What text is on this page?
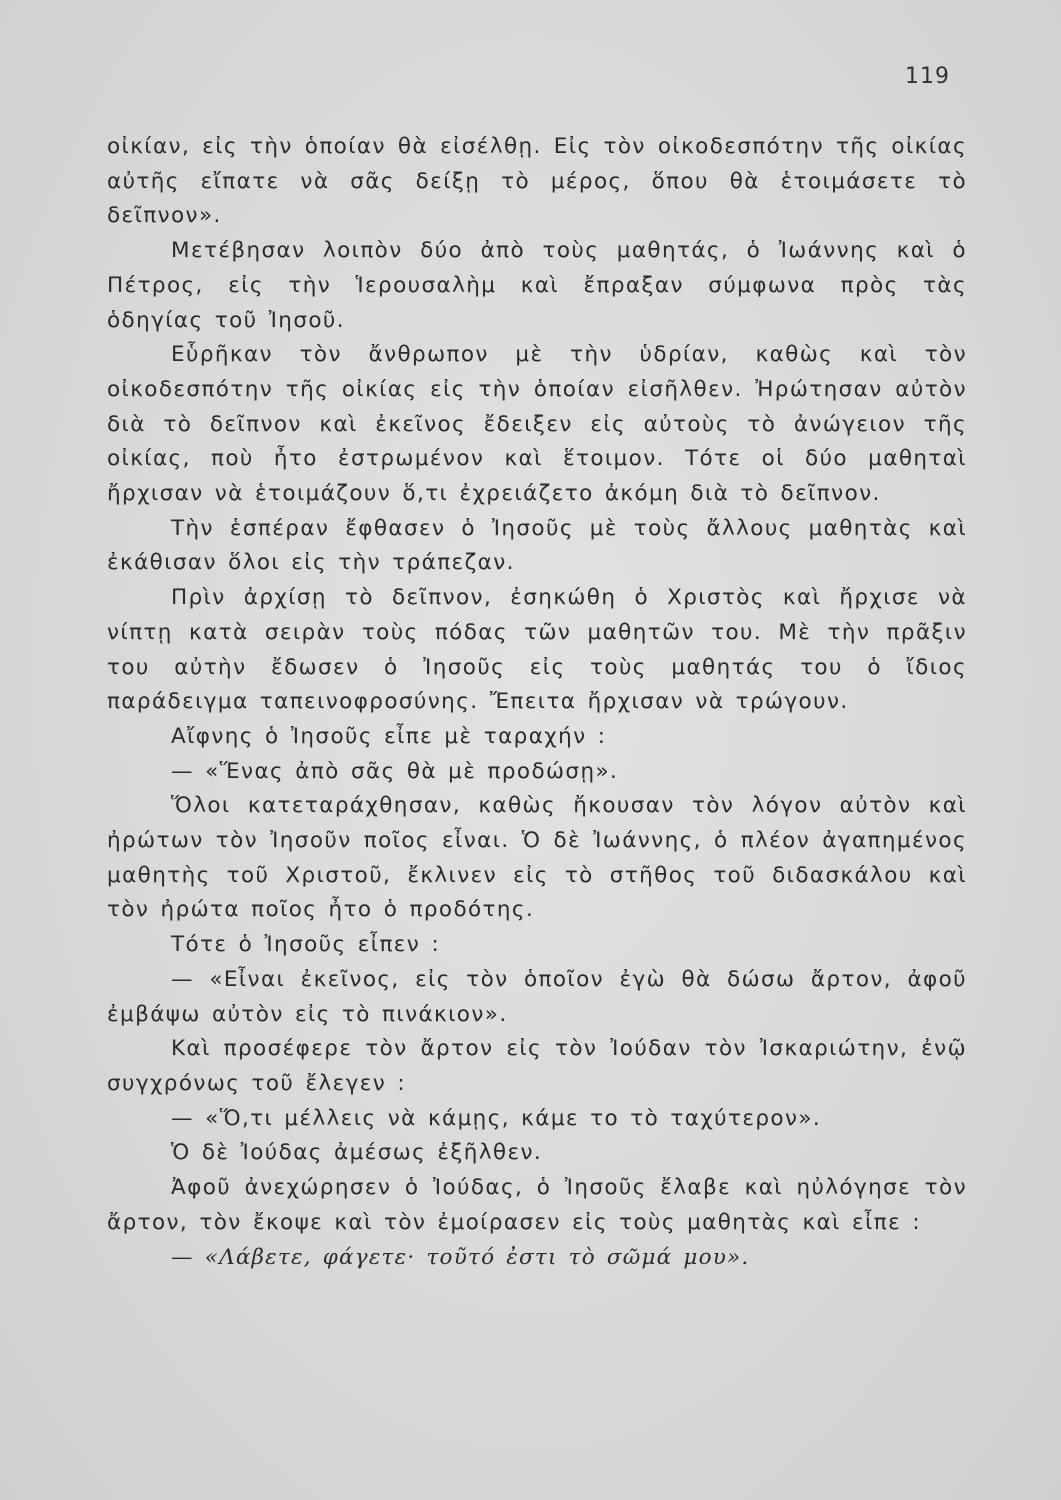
119

οἰκίαν, εἰς τὴν ὁποίαν θὰ εἰσέλθῃ. Εἰς τὸν οἰκοδεσπότην τῆς οἰκίας αὐτῆς εἴπατε νὰ σᾶς δείξῃ τὸ μέρος, ὅπου θὰ ἑτοιμάσετε τὸ δεῖπνον».

Μετέβησαν λοιπὸν δύο ἀπὸ τοὺς μαθητάς, ὁ Ἰωάννης καὶ ὁ Πέτρος, εἰς τὴν Ἱερουσαλὴμ καὶ ἔπραξαν σύμφωνα πρὸς τὰς ὁδηγίας τοῦ Ἰησοῦ.

Εὗρῆκαν τὸν ἄνθρωπον μὲ τὴν ὑδρίαν, καθὼς καὶ τὸν οἰκοδεσπότην τῆς οἰκίας εἰς τὴν ὁποίαν εἰσῆλθεν. Ἠρώτησαν αὐτὸν διὰ τὸ δεῖπνον καὶ ἐκεῖνος ἔδειξεν εἰς αὐτοὺς τὸ ἀνώγειον τῆς οἰκίας, ποὺ ἦτο ἐστρωμένον καὶ ἕτοιμον. Τότε οἱ δύο μαθηταὶ ἤρχισαν νὰ ἑτοιμάζουν ὅ,τι ἐχρειάζετο ἀκόμη διὰ τὸ δεῖπνον.

Τὴν ἑσπέραν ἔφθασεν ὁ Ἰησοῦς μὲ τοὺς ἄλλους μαθητὰς καὶ ἐκάθισαν ὅλοι εἰς τὴν τράπεζαν.

Πρὶν ἀρχίσῃ τὸ δεῖπνον, ἐσηκώθη ὁ Χριστὸς καὶ ἤρχισε νὰ νίπτῃ κατὰ σειρὰν τοὺς πόδας τῶν μαθητῶν του. Μὲ τὴν πρᾶξιν του αὐτὴν ἔδωσεν ὁ Ἰησοῦς εἰς τοὺς μαθητάς του ὁ ἴδιος παράδειγμα ταπεινοφροσύνης. Ἔπειτα ἤρχισαν νὰ τρώγουν.

Αἴφνης ὁ Ἰησοῦς εἶπε μὲ ταραχήν :

— «Ἕνας ἀπὸ σᾶς θὰ μὲ προδώσῃ».

Ὅλοι κατεταράχθησαν, καθὼς ἤκουσαν τὸν λόγον αὐτὸν καὶ ἠρώτων τὸν Ἰησοῦν ποῖος εἶναι. Ὁ δὲ Ἰωάννης, ὁ πλέον ἀγαπημένος μαθητὴς τοῦ Χριστοῦ, ἔκλινεν εἰς τὸ στῆθος τοῦ διδασκάλου καὶ τὸν ἠρώτα ποῖος ἦτο ὁ προδότης.

Τότε ὁ Ἰησοῦς εἶπεν :

— «Εἶναι ἐκεῖνος, εἰς τὸν ὁποῖον ἐγὼ θὰ δώσω ἄρτον, ἀφοῦ ἐμβάψω αὐτὸν εἰς τὸ πινάκιον».

Καὶ προσέφερε τὸν ἄρτον εἰς τὸν Ἰούδαν τὸν Ἰσκαριώτην, ἐνῷ συγχρόνως τοῦ ἔλεγεν :

— «Ὅ,τι μέλλεις νὰ κάμῃς, κάμε το τὸ ταχύτερον».

Ὁ δὲ Ἰούδας ἀμέσως ἐξῆλθεν.

Ἀφοῦ ἀνεχώρησεν ὁ Ἰούδας, ὁ Ἰησοῦς ἔλαβε καὶ ηὐλόγησε τὸν ἄρτον, τὸν ἔκοψε καὶ τὸν ἐμοίρασεν εἰς τοὺς μαθητὰς καὶ εἶπε :

— «Λάβετε, φάγετε· τοῦτό ἐστι τὸ σῶμά μου».
